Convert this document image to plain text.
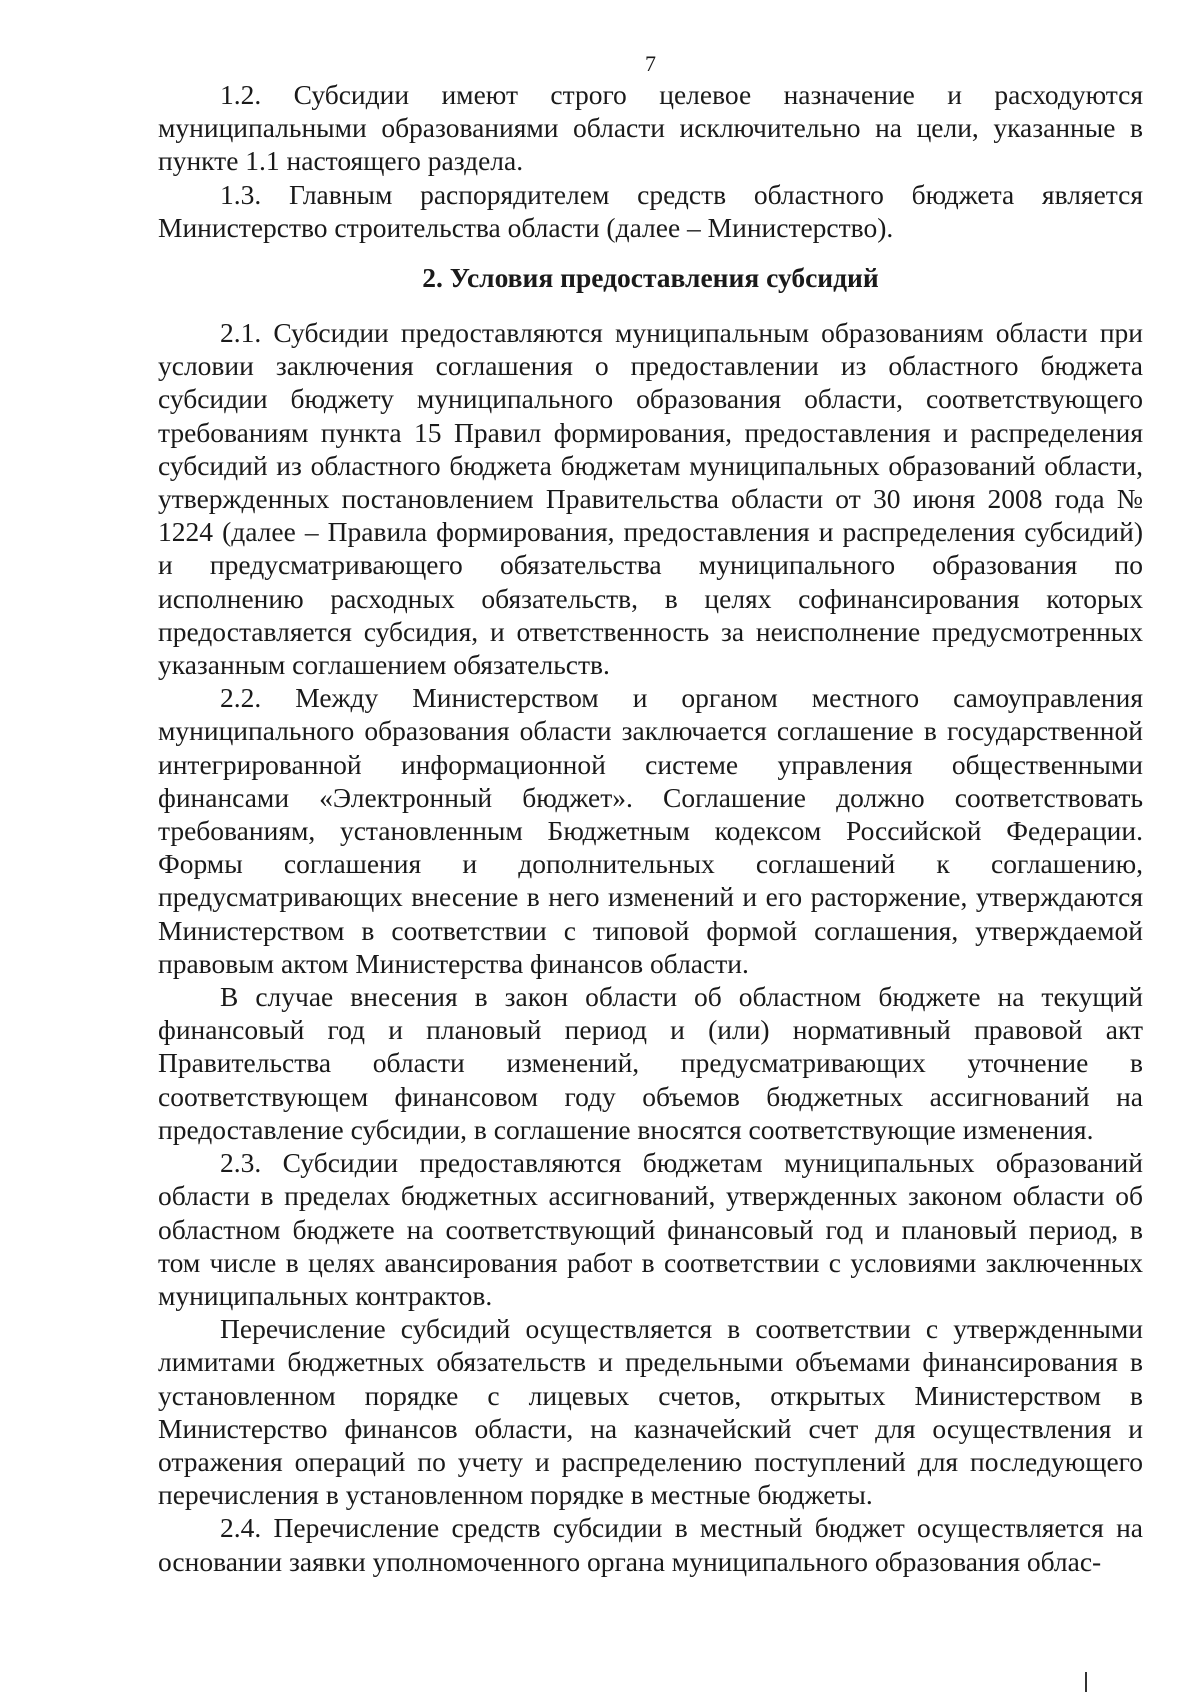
7

1.2. Субсидии имеют строго целевое назначение и расходуются муниципальными образованиями области исключительно на цели, указанные в пункте 1.1 настоящего раздела.

1.3. Главным распорядителем средств областного бюджета является Министерство строительства области (далее – Министерство).

2. Условия предоставления субсидий

2.1. Субсидии предоставляются муниципальным образованиям области при условии заключения соглашения о предоставлении из областного бюджета субсидии бюджету муниципального образования области, соответствующего требованиям пункта 15 Правил формирования, предоставления и распределения субсидий из областного бюджета бюджетам муниципальных образований области, утвержденных постановлением Правительства области от 30 июня 2008 года № 1224 (далее – Правила формирования, предоставления и распределения субсидий) и предусматривающего обязательства муниципального образования по исполнению расходных обязательств, в целях софинансирования которых предоставляется субсидия, и ответственность за неисполнение предусмотренных указанным соглашением обязательств.

2.2. Между Министерством и органом местного самоуправления муниципального образования области заключается соглашение в государственной интегрированной информационной системе управления общественными финансами «Электронный бюджет». Соглашение должно соответствовать требованиям, установленным Бюджетным кодексом Российской Федерации. Формы соглашения и дополнительных соглашений к соглашению, предусматривающих внесение в него изменений и его расторжение, утверждаются Министерством в соответствии с типовой формой соглашения, утверждаемой правовым актом Министерства финансов области.

В случае внесения в закон области об областном бюджете на текущий финансовый год и плановый период и (или) нормативный правовой акт Правительства области изменений, предусматривающих уточнение в соответствующем финансовом году объемов бюджетных ассигнований на предоставление субсидии, в соглашение вносятся соответствующие изменения.

2.3. Субсидии предоставляются бюджетам муниципальных образований области в пределах бюджетных ассигнований, утвержденных законом области об областном бюджете на соответствующий финансовый год и плановый период, в том числе в целях авансирования работ в соответствии с условиями заключенных муниципальных контрактов.

Перечисление субсидий осуществляется в соответствии с утвержденными лимитами бюджетных обязательств и предельными объемами финансирования в установленном порядке с лицевых счетов, открытых Министерством в Министерство финансов области, на казначейский счет для осуществления и отражения операций по учету и распределению поступлений для последующего перечисления в установленном порядке в местные бюджеты.

2.4. Перечисление средств субсидии в местный бюджет осуществляется на основании заявки уполномоченного органа муниципального образования облас-
